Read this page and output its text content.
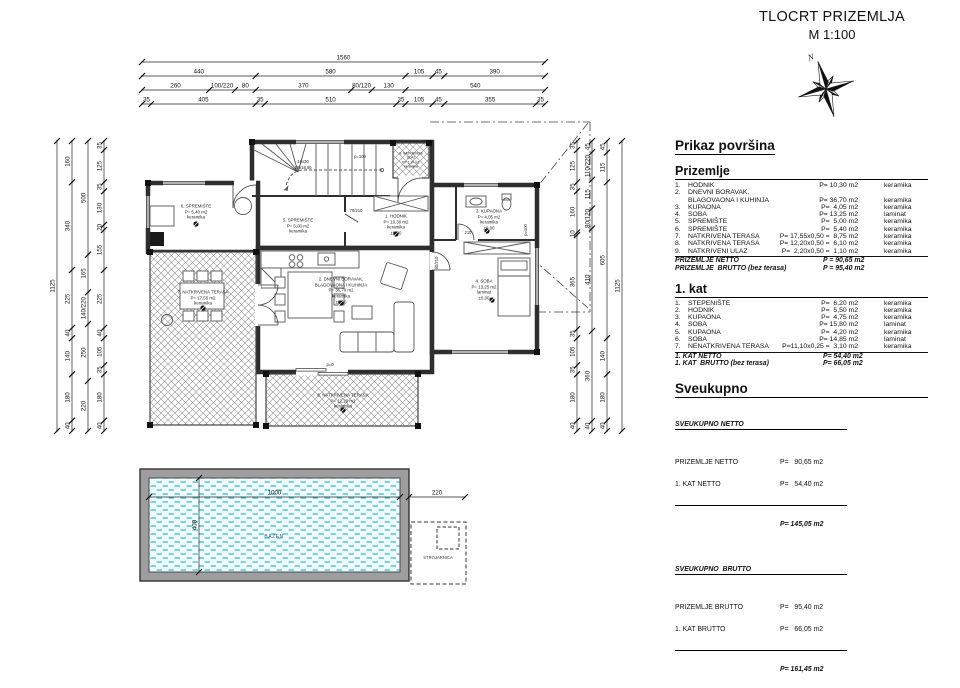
p=100
p=100
p=0
16x30
19x18,95
70/210
90/210
210
1560
440	580	105 45	390
260	100/220 80	370	80/120 130	540
35	405	35	510	35 105 45	355	35
1125
160
340
225
40
140
180
40
500
165
140/220
250
220
35
125
35
130
20
155
225
40
105
35
180
40
35
125
35
160
10
365
35
105
35
180
40
45
110/220
115
80/120
410
360
40
45
115
605
140
180
40
1125
BAZEN
1000	220
400
STROJARNICA
N
TLOCRT PRIZEMLJA
M 1:100
6. SPREMIŠTE
P= 5,40 m2
keramika
5. SPREMIŠTE
P= 5,00 m2
keramika
1. HODNIK
P= 10,30 m2
keramika
±0,00
9. NATKRIVENI
ULAZ
P= 1,10 m2
keramika
3. KUPAONA
P= 4,05 m2
keramika
±0,00
4. SOBA
P= 13,25 m2
laminat
±0,00
2. DNEVNI BORAVAK,
BLAGOVAONA I KUHINJA
P= 36,70 m2
keramika
±0,00
7. NATKRIVENA TERASA
P= 17,55 m2
keramika
8. NATKRIVENA TERASA
P= 12,20 m2
keramika
Prikaz površina
Prizemlje
1.	HODNIK	P= 10,30 m2	keramika
2.	DNEVNI BORAVAK,
BLAGOVAONA I KUHINJA	P= 36,70 m2	keramika
3.	KUPAONA	P=  4,05 m2	keramika
4.	SOBA	P= 13,25 m2	laminat
5.	SPREMIŠTE	P=  5,00 m2	keramika
6.	SPREMIŠTE	P=  5,40 m2	keramika
7.	NATKRIVENA TERASA	P= 17,55x0,50 =  8,75 m2	keramika
8.	NATKRIVENA TERASA	P= 12,20x0,50 =  6,10 m2	keramika
9.	NATKRIVENI ULAZ	P=  2,20x0,50 =  1,10 m2	keramika
PRIZEMLJE NETTO	P = 90,65 m2
PRIZEMLJE  BRUTTO (bez terasa)	P = 95,40 m2
1. kat
1.	STEPENIŠTE	P=  6,20 m2	keramika
2.	HODNIK	P=  5,50 m2	keramika
3.	KUPAONA	P=  4,75 m2	keramika
4.	SOBA	P= 15,80 m2	laminat
5.	KUPAONA	P=  4,20 m2	keramika
6.	SOBA	P= 14,85 m2	laminat
7.	NENATKRIVENA TERASA	P=11,10x0,25 =  3,10 m2	keramika
1. KAT NETTO	P= 54,40 m2
1. KAT  BRUTTO (bez terasa)	P= 66,05 m2
Sveukupno

SVEUKUPNO NETTO

PRIZEMLJE NETTO	P=   90,65 m2

1. KAT NETTO	P=   54,40 m2

P= 145,05 m2

SVEUKUPNO  BRUTTO

PRIZEMLJE BRUTTO	P=   95,40 m2

1. KAT BRUTTO	P=   66,05 m2

P= 161,45 m2
